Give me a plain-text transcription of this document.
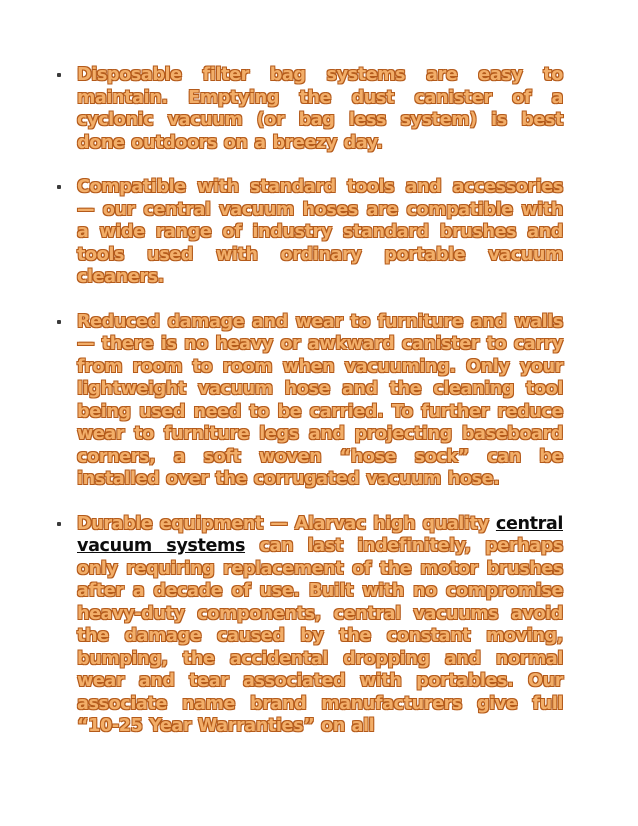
Disposable filter bag systems are easy to maintain. Emptying the dust canister of a cyclonic vacuum (or bag less system) is best done outdoors on a breezy day.
Compatible with standard tools and accessories — our central vacuum hoses are compatible with a wide range of industry standard brushes and tools used with ordinary portable vacuum cleaners.
Reduced damage and wear to furniture and walls — there is no heavy or awkward canister to carry from room to room when vacuuming. Only your lightweight vacuum hose and the cleaning tool being used need to be carried. To further reduce wear to furniture legs and projecting baseboard corners, a soft woven “hose sock” can be installed over the corrugated vacuum hose.
Durable equipment — Alarvac high quality central vacuum systems can last indefinitely, perhaps only requiring replacement of the motor brushes after a decade of use. Built with no compromise heavy-duty components, central vacuums avoid the damage caused by the constant moving, bumping, the accidental dropping and normal wear and tear associated with portables. Our associate name brand manufacturers give full “10-25 Year Warranties” on all
